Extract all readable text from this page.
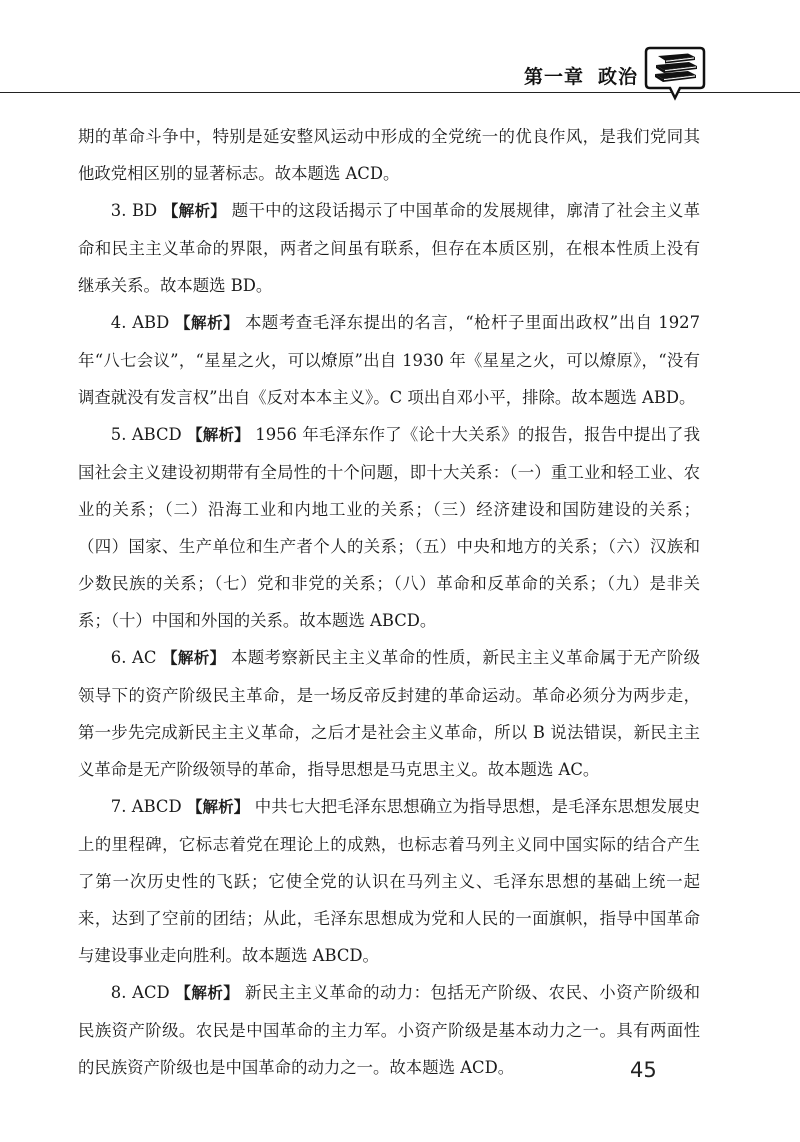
第一章 政治

期的革命斗争中，特别是延安整风运动中形成的全党统一的优良作风，是我们党同其他政党相区别的显著标志。故本题选 ACD。

3. BD 【解析】 题干中的这段话揭示了中国革命的发展规律，廓清了社会主义革命和民主主义革命的界限，两者之间虽有联系，但存在本质区别，在根本性质上没有继承关系。故本题选 BD。

4. ABD 【解析】 本题考查毛泽东提出的名言，“枪杆子里面出政权”出自 1927 年“八七会议”，“星星之火，可以燎原”出自 1930 年《星星之火，可以燎原》，“没有调查就没有发言权”出自《反对本本主义》。C 项出自邓小平，排除。故本题选 ABD。

5. ABCD 【解析】 1956 年毛泽东作了《论十大关系》的报告，报告中提出了我国社会主义建设初期带有全局性的十个问题，即十大关系：（一）重工业和轻工业、农业的关系；（二）沿海工业和内地工业的关系；（三）经济建设和国防建设的关系；（四）国家、生产单位和生产者个人的关系；（五）中央和地方的关系；（六）汉族和少数民族的关系；（七）党和非党的关系；（八）革命和反革命的关系；（九）是非关系；（十）中国和外国的关系。故本题选 ABCD。

6. AC 【解析】 本题考察新民主主义革命的性质，新民主主义革命属于无产阶级领导下的资产阶级民主革命，是一场反帝反封建的革命运动。革命必须分为两步走，第一步先完成新民主主义革命，之后才是社会主义革命，所以 B 说法错误，新民主主义革命是无产阶级领导的革命，指导思想是马克思主义。故本题选 AC。

7. ABCD 【解析】 中共七大把毛泽东思想确立为指导思想，是毛泽东思想发展史上的里程碑，它标志着党在理论上的成熟，也标志着马列主义同中国实际的结合产生了第一次历史性的飞跃；它使全党的认识在马列主义、毛泽东思想的基础上统一起来，达到了空前的团结；从此，毛泽东思想成为党和人民的一面旗帜，指导中国革命与建设事业走向胜利。故本题选 ABCD。

8. ACD 【解析】 新民主主义革命的动力：包括无产阶级、农民、小资产阶级和民族资产阶级。农民是中国革命的主力军。小资产阶级是基本动力之一。具有两面性的民族资产阶级也是中国革命的动力之一。故本题选 ACD。	45
